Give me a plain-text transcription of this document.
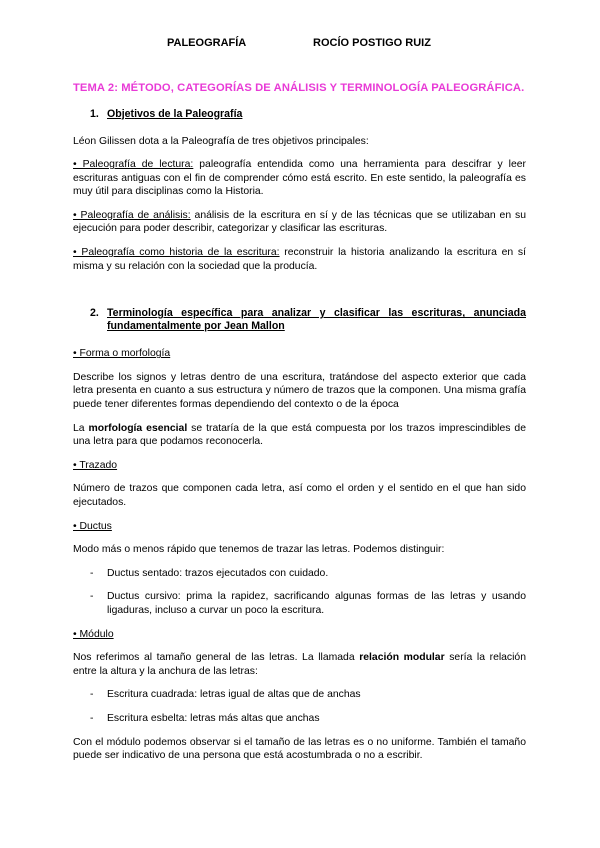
PALEOGRAFÍA	ROCÍO POSTIGO RUIZ
TEMA 2: MÉTODO, CATEGORÍAS DE ANÁLISIS Y TERMINOLOGÍA PALEOGRÁFICA.
1. Objetivos de la Paleografía

Léon Gilissen dota a la Paleografía de tres objetivos principales:

• Paleografía de lectura: paleografía entendida como una herramienta para descifrar y leer escrituras antiguas con el fin de comprender cómo está escrito. En este sentido, la paleografía es muy útil para disciplinas como la Historia.

• Paleografía de análisis: análisis de la escritura en sí y de las técnicas que se utilizaban en su ejecución para poder describir, categorizar y clasificar las escrituras.

• Paleografía como historia de la escritura: reconstruir la historia analizando la escritura en sí misma y su relación con la sociedad que la producía.

2. Terminología específica para analizar y clasificar las escrituras, anunciada fundamentalmente por Jean Mallon
• Forma o morfología

Describe los signos y letras dentro de una escritura, tratándose del aspecto exterior que cada letra presenta en cuanto a sus estructura y número de trazos que la componen. Una misma grafía puede tener diferentes formas dependiendo del contexto o de la época

La morfología esencial se trataría de la que está compuesta por los trazos imprescindibles de una letra para que podamos reconocerla.

• Trazado

Número de trazos que componen cada letra, así como el orden y el sentido en el que han sido ejecutados.

• Ductus

Modo más o menos rápido que tenemos de trazar las letras. Podemos distinguir:

-	Ductus sentado: trazos ejecutados con cuidado.
-	Ductus cursivo: prima la rapidez, sacrificando algunas formas de las letras y usando ligaduras, incluso a curvar un poco la escritura.
• Módulo

Nos referimos al tamaño general de las letras. La llamada relación modular sería la relación entre la altura y la anchura de las letras:

-	Escritura cuadrada: letras igual de altas que de anchas
-	Escritura esbelta: letras más altas que anchas

Con el módulo podemos observar si el tamaño de las letras es o no uniforme. También el tamaño puede ser indicativo de una persona que está acostumbrada o no a escribir.
